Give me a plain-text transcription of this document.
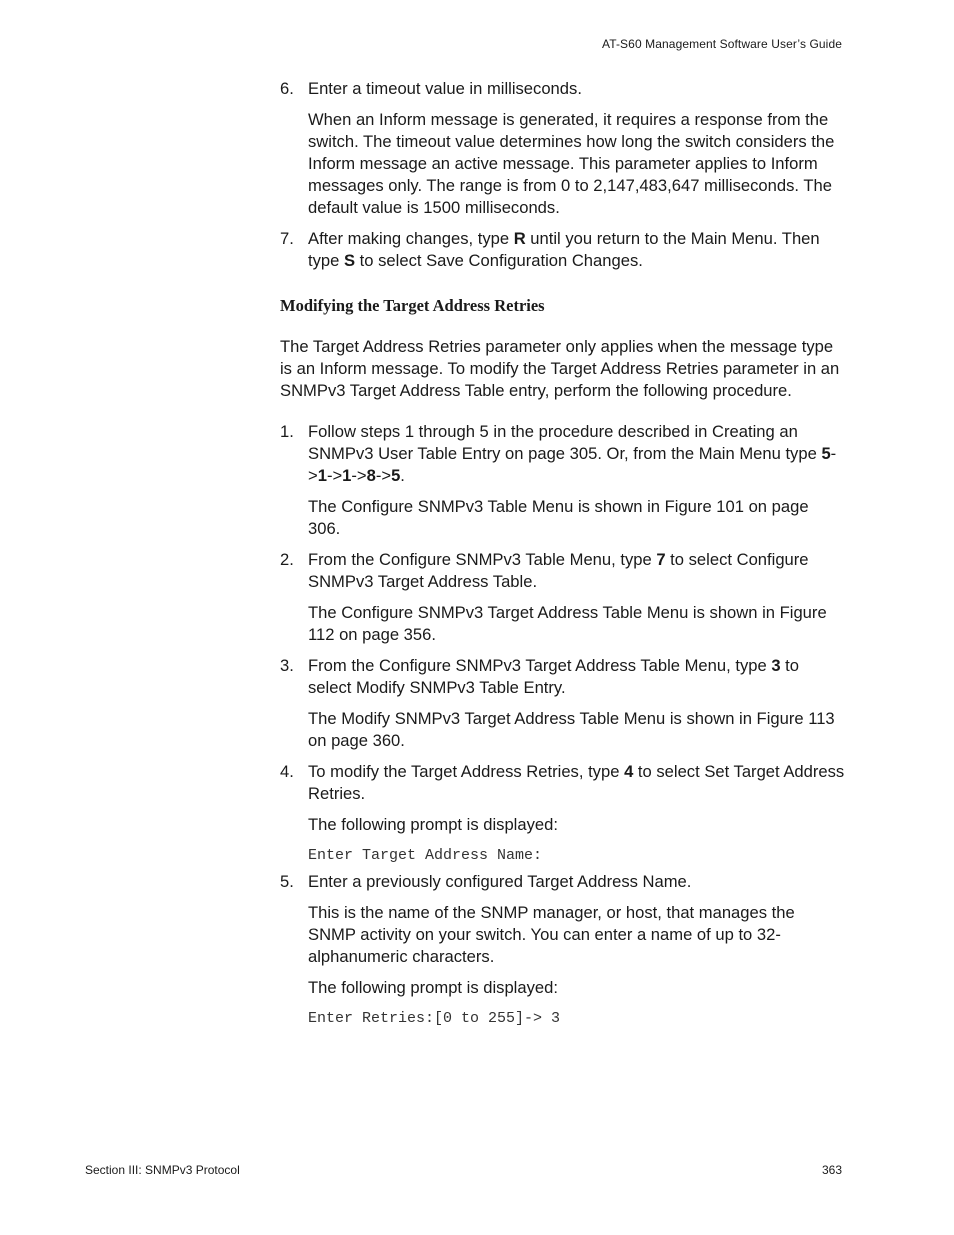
AT-S60 Management Software User’s Guide
6. Enter a timeout value in milliseconds.

When an Inform message is generated, it requires a response from the switch. The timeout value determines how long the switch considers the Inform message an active message. This parameter applies to Inform messages only. The range is from 0 to 2,147,483,647 milliseconds. The default value is 1500 milliseconds.

7. After making changes, type R until you return to the Main Menu. Then type S to select Save Configuration Changes.

Modifying the Target Address Retries

The Target Address Retries parameter only applies when the message type is an Inform message. To modify the Target Address Retries parameter in an SNMPv3 Target Address Table entry, perform the following procedure.

1. Follow steps 1 through 5 in the procedure described in Creating an SNMPv3 User Table Entry on page 305. Or, from the Main Menu type 5->1->1->8->5.

The Configure SNMPv3 Table Menu is shown in Figure 101 on page 306.

2. From the Configure SNMPv3 Table Menu, type 7 to select Configure SNMPv3 Target Address Table.

The Configure SNMPv3 Target Address Table Menu is shown in Figure 112 on page 356.

3. From the Configure SNMPv3 Target Address Table Menu, type 3 to select Modify SNMPv3 Table Entry.

The Modify SNMPv3 Target Address Table Menu is shown in Figure 113 on page 360.

4. To modify the Target Address Retries, type 4 to select Set Target Address Retries.

The following prompt is displayed:

Enter Target Address Name:

5. Enter a previously configured Target Address Name.

This is the name of the SNMP manager, or host, that manages the SNMP activity on your switch. You can enter a name of up to 32- alphanumeric characters.

The following prompt is displayed:

Enter Retries:[0 to 255]-> 3

Section III: SNMPv3 Protocol	363
